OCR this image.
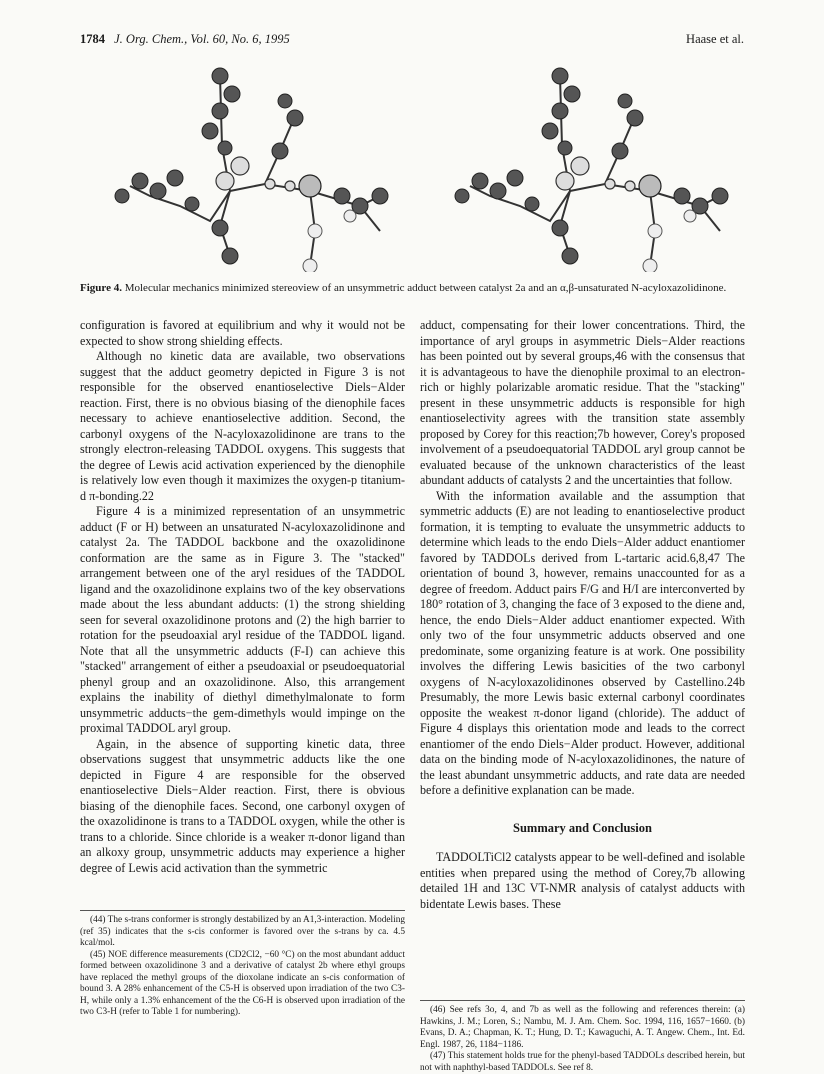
1784 J. Org. Chem., Vol. 60, No. 6, 1995	Haase et al.
Figure 4. Molecular mechanics minimized stereoview of an unsymmetric adduct between catalyst 2a and an α,β-unsaturated N-acyloxazolidinone.

configuration is favored at equilibrium and why it would not be expected to show strong shielding effects.

Although no kinetic data are available, two observations suggest that the adduct geometry depicted in Figure 3 is not responsible for the observed enantioselective Diels−Alder reaction. First, there is no obvious biasing of the dienophile faces necessary to achieve enantioselective addition. Second, the carbonyl oxygens of the N-acyloxazolidinone are trans to the strongly electron-releasing TADDOL oxygens. This suggests that the degree of Lewis acid activation experienced by the dienophile is relatively low even though it maximizes the oxygen-p titanium-d π-bonding.22

Figure 4 is a minimized representation of an unsymmetric adduct (F or H) between an unsaturated N-acyloxazolidinone and catalyst 2a. The TADDOL backbone and the oxazolidinone conformation are the same as in Figure 3. The "stacked" arrangement between one of the aryl residues of the TADDOL ligand and the oxazolidinone explains two of the key observations made about the less abundant adducts: (1) the strong shielding seen for several oxazolidinone protons and (2) the high barrier to rotation for the pseudoaxial aryl residue of the TADDOL ligand. Note that all the unsymmetric adducts (F-I) can achieve this "stacked" arrangement of either a pseudoaxial or pseudoequatorial phenyl group and an oxazolidinone. Also, this arrangement explains the inability of diethyl dimethylmalonate to form unsymmetric adducts−the gem-dimethyls would impinge on the proximal TADDOL aryl group.

Again, in the absence of supporting kinetic data, three observations suggest that unsymmetric adducts like the one depicted in Figure 4 are responsible for the observed enantioselective Diels−Alder reaction. First, there is obvious biasing of the dienophile faces. Second, one carbonyl oxygen of the oxazolidinone is trans to a TADDOL oxygen, while the other is trans to a chloride. Since chloride is a weaker π-donor ligand than an alkoxy group, unsymmetric adducts may experience a higher degree of Lewis acid activation than the symmetric

(44) The s-trans conformer is strongly destabilized by an A1,3-interaction. Modeling (ref 35) indicates that the s-cis conformer is favored over the s-trans by ca. 4.5 kcal/mol.

(45) NOE difference measurements (CD2Cl2, −60 °C) on the most abundant adduct formed between oxazolidinone 3 and a derivative of catalyst 2b where ethyl groups have replaced the methyl groups of the dioxolane indicate an s-cis conformation of bound 3. A 28% enhancement of the C5-H is observed upon irradiation of the two C3-H, while only a 1.3% enhancement of the the C6-H is observed upon irradiation of the two C3-H (refer to Table 1 for numbering).

adduct, compensating for their lower concentrations. Third, the importance of aryl groups in asymmetric Diels−Alder reactions has been pointed out by several groups,46 with the consensus that it is advantageous to have the dienophile proximal to an electron-rich or highly polarizable aromatic residue. That the "stacking" present in these unsymmetric adducts is responsible for high enantioselectivity agrees with the transition state assembly proposed by Corey for this reaction;7b however, Corey's proposed involvement of a pseudoequatorial TADDOL aryl group cannot be evaluated because of the unknown characteristics of the least abundant adducts of catalysts 2 and the uncertainties that follow.

With the information available and the assumption that symmetric adducts (E) are not leading to enantioselective product formation, it is tempting to evaluate the unsymmetric adducts to determine which leads to the endo Diels−Alder adduct enantiomer favored by TADDOLs derived from L-tartaric acid.6,8,47 The orientation of bound 3, however, remains unaccounted for as a degree of freedom. Adduct pairs F/G and H/I are interconverted by 180° rotation of 3, changing the face of 3 exposed to the diene and, hence, the endo Diels−Alder adduct enantiomer expected. With only two of the four unsymmetric adducts observed and one predominate, some organizing feature is at work. One possibility involves the differing Lewis basicities of the two carbonyl oxygens of N-acyloxazolidinones observed by Castellino.24b Presumably, the more Lewis basic external carbonyl coordinates opposite the weakest π-donor ligand (chloride). The adduct of Figure 4 displays this orientation mode and leads to the correct enantiomer of the endo Diels−Alder product. However, additional data on the binding mode of N-acyloxazolidinones, the nature of the least abundant unsymmetric adducts, and rate data are needed before a definitive explanation can be made.

Summary and Conclusion

TADDOLTiCl2 catalysts appear to be well-defined and isolable entities when prepared using the method of Corey,7b allowing detailed 1H and 13C VT-NMR analysis of catalyst adducts with bidentate Lewis bases. These

(46) See refs 3o, 4, and 7b as well as the following and references therein: (a) Hawkins, J. M.; Loren, S.; Nambu, M. J. Am. Chem. Soc. 1994, 116, 1657−1660. (b) Evans, D. A.; Chapman, K. T.; Hung, D. T.; Kawaguchi, A. T. Angew. Chem., Int. Ed. Engl. 1987, 26, 1184−1186.

(47) This statement holds true for the phenyl-based TADDOLs described herein, but not with naphthyl-based TADDOLs. See ref 8.
